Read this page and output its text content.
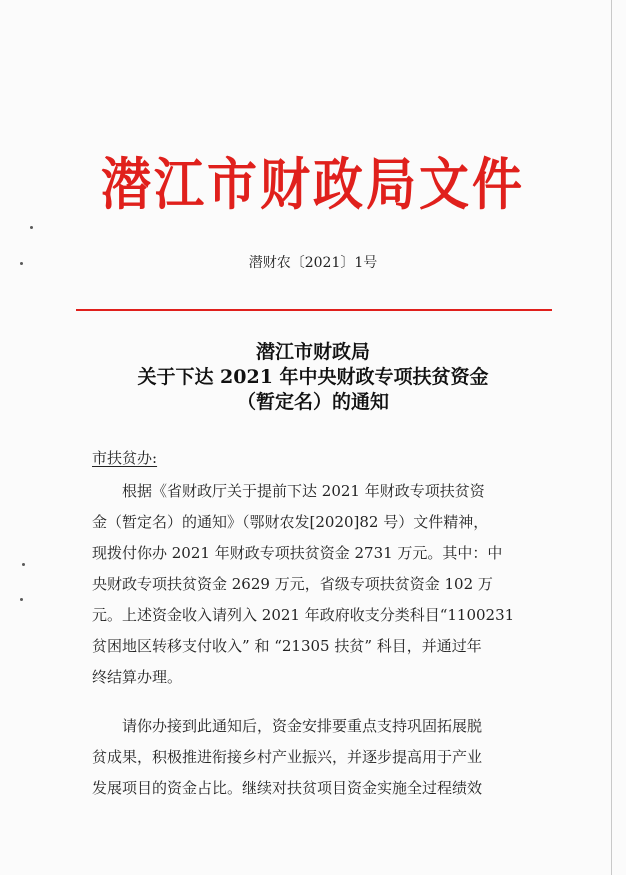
潜江市财政局文件
潜财农〔2021〕1号
潜江市财政局
关于下达 2021 年中央财政专项扶贫资金
（暂定名）的通知
市扶贫办:
根据《省财政厅关于提前下达 2021 年财政专项扶贫资
金（暂定名）的通知》（鄂财农发[2020]82 号）文件精神，
现拨付你办 2021 年财政专项扶贫资金 2731 万元。其中：中
央财政专项扶贫资金 2629 万元，省级专项扶贫资金 102 万
元。上述资金收入请列入 2021 年政府收支分类科目“1100231
贫困地区转移支付收入” 和 “21305 扶贫” 科目，并通过年
终结算办理。
请你办接到此通知后，资金安排要重点支持巩固拓展脱
贫成果，积极推进衔接乡村产业振兴，并逐步提高用于产业
发展项目的资金占比。继续对扶贫项目资金实施全过程绩效
